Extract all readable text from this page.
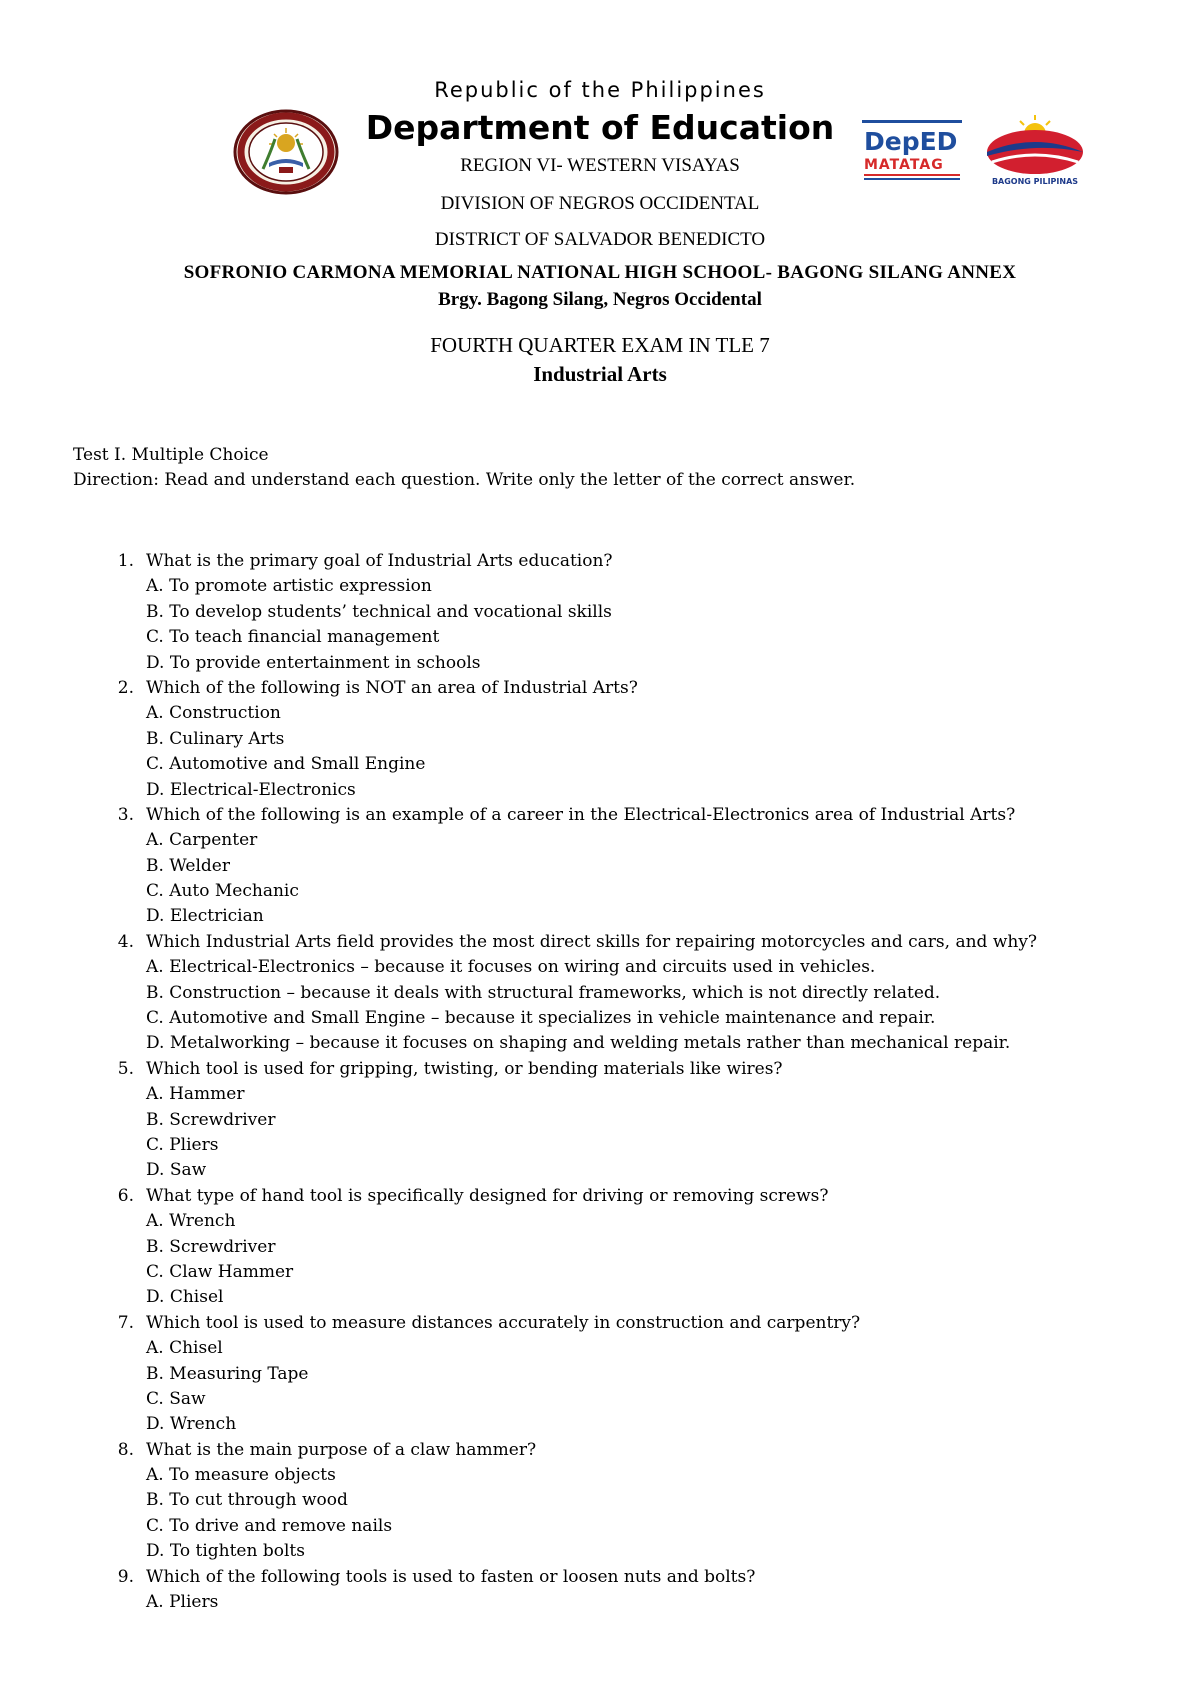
Republic of the Philippines
Department of Education	DepED
MATATAG
BAGONG PILIPINAS
REGION VI- WESTERN VISAYAS
DIVISION OF NEGROS OCCIDENTAL
DISTRICT OF SALVADOR BENEDICTO
SOFRONIO CARMONA MEMORIAL NATIONAL HIGH SCHOOL- BAGONG SILANG ANNEX
Brgy. Bagong Silang, Negros Occidental
FOURTH QUARTER EXAM IN TLE 7
Industrial Arts
Test I. Multiple Choice
Direction: Read and understand each question. Write only the letter of the correct answer.
1. What is the primary goal of Industrial Arts education?
A. To promote artistic expression
B. To develop students’ technical and vocational skills
C. To teach financial management
D. To provide entertainment in schools
2. Which of the following is NOT an area of Industrial Arts?
A. Construction
B. Culinary Arts
C. Automotive and Small Engine
D. Electrical-Electronics
3. Which of the following is an example of a career in the Electrical-Electronics area of Industrial Arts?
A. Carpenter
B. Welder
C. Auto Mechanic
D. Electrician
4. Which Industrial Arts field provides the most direct skills for repairing motorcycles and cars, and why?
A. Electrical-Electronics – because it focuses on wiring and circuits used in vehicles.
B. Construction – because it deals with structural frameworks, which is not directly related.
C. Automotive and Small Engine – because it specializes in vehicle maintenance and repair.
D. Metalworking – because it focuses on shaping and welding metals rather than mechanical repair.
5. Which tool is used for gripping, twisting, or bending materials like wires?
A. Hammer
B. Screwdriver
C. Pliers
D. Saw
6. What type of hand tool is specifically designed for driving or removing screws?
A. Wrench
B. Screwdriver
C. Claw Hammer
D. Chisel
7. Which tool is used to measure distances accurately in construction and carpentry?
A. Chisel
B. Measuring Tape
C. Saw
D. Wrench
8. What is the main purpose of a claw hammer?
A. To measure objects
B. To cut through wood
C. To drive and remove nails
D. To tighten bolts
9. Which of the following tools is used to fasten or loosen nuts and bolts?
A. Pliers
